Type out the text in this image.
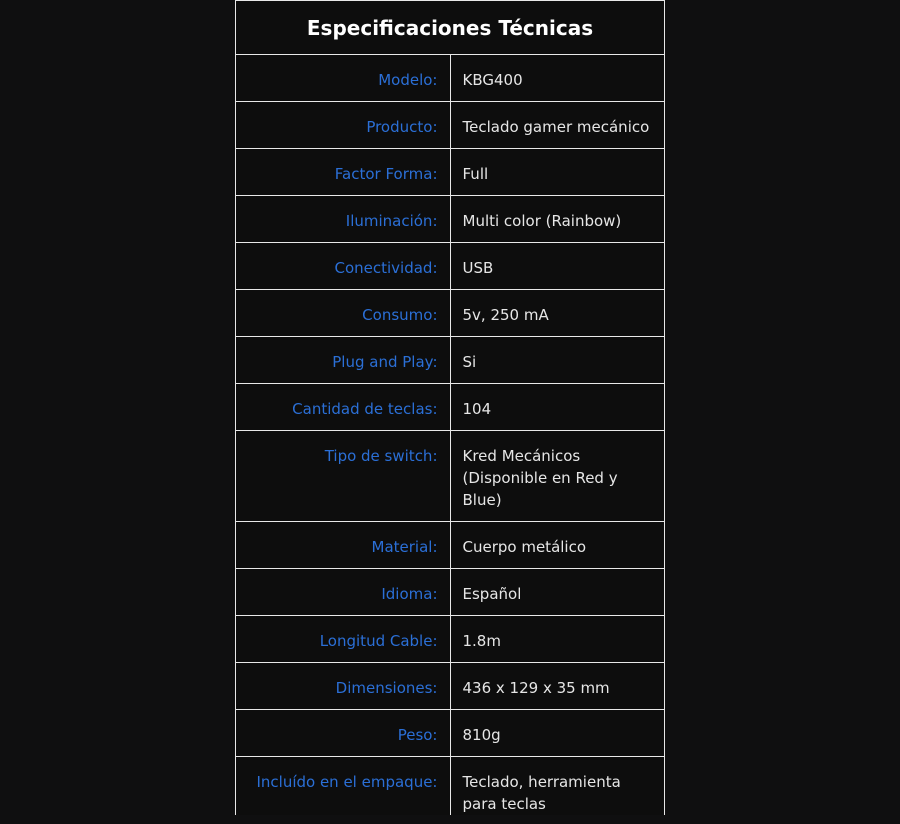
Especificaciones Técnicas	
Modelo:	KBG400
Producto:	Teclado gamer mecánico
Factor Forma:	Full
Iluminación:	Multi color (Rainbow)
Conectividad:	USB
Consumo:	5v, 250 mA
Plug and Play:	Si
Cantidad de teclas:	104
Tipo de switch:	Kred Mecánicos (Disponible en Red y Blue)
Material:	Cuerpo metálico
Idioma:	Español
Longitud Cable:	1.8m
Dimensiones:	436 x 129 x 35 mm
Peso:	810g
Incluído en el empaque:	Teclado, herramienta para teclas
